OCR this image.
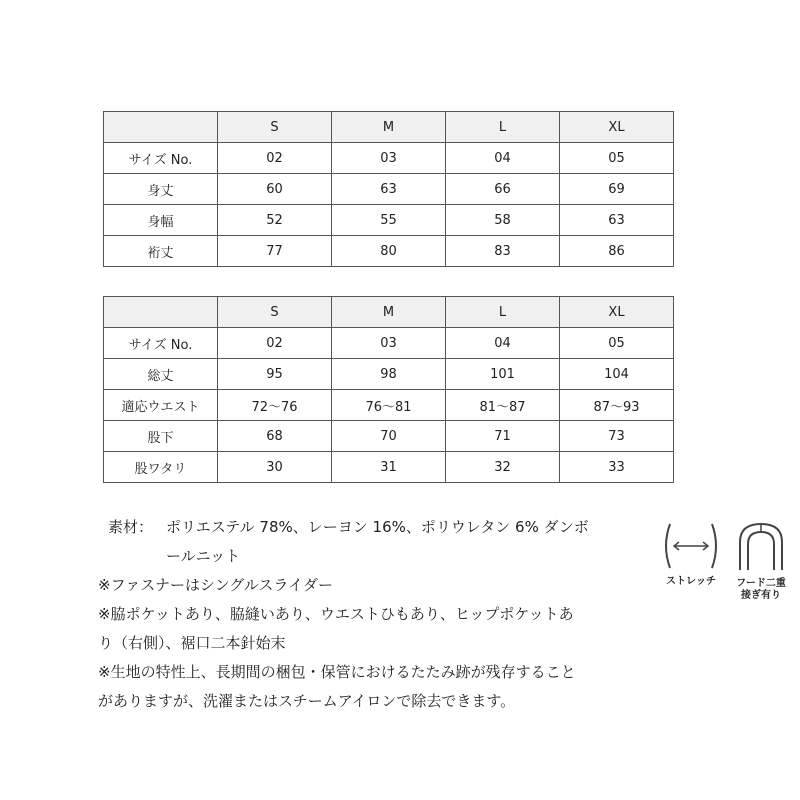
	S	M	L	XL
サイズ No.	02	03	04	05
身丈	60	63	66	69
身幅	52	55	58	63
裄丈	77	80	83	86
	S	M	L	XL
サイズ No.	02	03	04	05
総丈	95	98	101	104
適応ウエスト	72～76	76～81	81～87	87～93
股下	68	70	71	73
股ワタリ	30	31	32	33
素材： ポリエステル 78%、レーヨン 16%、ポリウレタン 6% ダンボ
ールニット
※ファスナーはシングルスライダー
※脇ポケットあり、脇縫いあり、ウエストひもあり、ヒップポケットあ
り（右側）、裾口二本針始末
※生地の特性上、長期間の梱包・保管におけるたたみ跡が残存すること
がありますが、洗濯またはスチームアイロンで除去できます。
ストレッチ	フード二重
接ぎ有り
